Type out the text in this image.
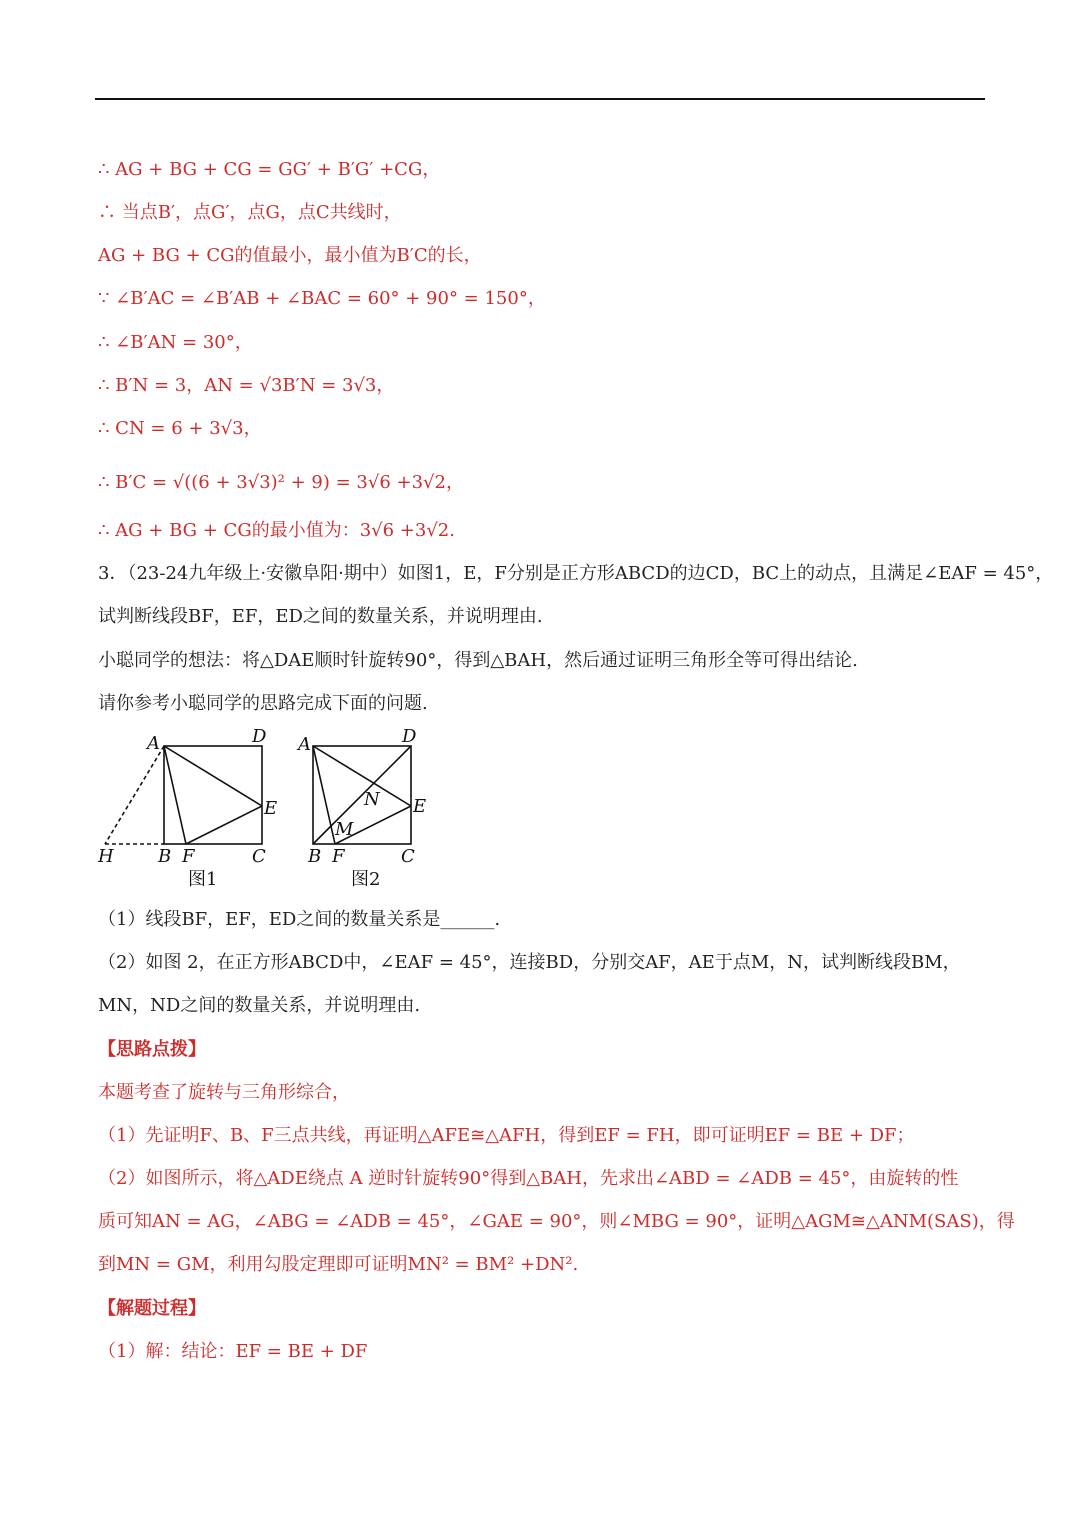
∴ AG + BG + CG = GG′ + B′G′ +CG，
∴ 当点B′，点G′，点G，点C共线时，
AG + BG + CG的值最小，最小值为B′C的长，
∵ ∠B′AC = ∠B′AB + ∠BAC = 60° + 90° = 150°，
∴ ∠B′AN = 30°，
∴ B′N = 3，AN = √3B′N = 3√3，
∴ CN = 6 + 3√3，
∴ B′C = √((6 + 3√3)² + 9) = 3√6 +3√2，
∴ AG + BG + CG的最小值为：3√6 +3√2.
3．（23-24九年级上·安徽阜阳·期中）如图1，E，F分别是正方形ABCD的边CD，BC上的动点，且满足∠EAF = 45°，
试判断线段BF，EF，ED之间的数量关系，并说明理由.
小聪同学的想法：将△DAE顺时针旋转90°，得到△BAH，然后通过证明三角形全等可得出结论.
请你参考小聪同学的思路完成下面的问题.
A	D
E
H B F	C
图1
A	D
N E
M
B F	C
图2
（1）线段BF，EF，ED之间的数量关系是______.
（2）如图 2，在正方形ABCD中，∠EAF = 45°，连接BD，分别交AF，AE于点M，N，试判断线段BM，
MN，ND之间的数量关系，并说明理由.
【思路点拨】
本题考查了旋转与三角形综合，
（1）先证明F、B、F三点共线，再证明△AFE≅△AFH，得到EF = FH，即可证明EF = BE + DF；
（2）如图所示，将△ADE绕点 A 逆时针旋转90°得到△BAH，先求出∠ABD = ∠ADB = 45°，由旋转的性
质可知AN = AG，∠ABG = ∠ADB = 45°，∠GAE = 90°，则∠MBG = 90°，证明△AGM≅△ANM(SAS)，得
到MN = GM，利用勾股定理即可证明MN² = BM² +DN².
【解题过程】
（1）解：结论：EF = BE + DF
